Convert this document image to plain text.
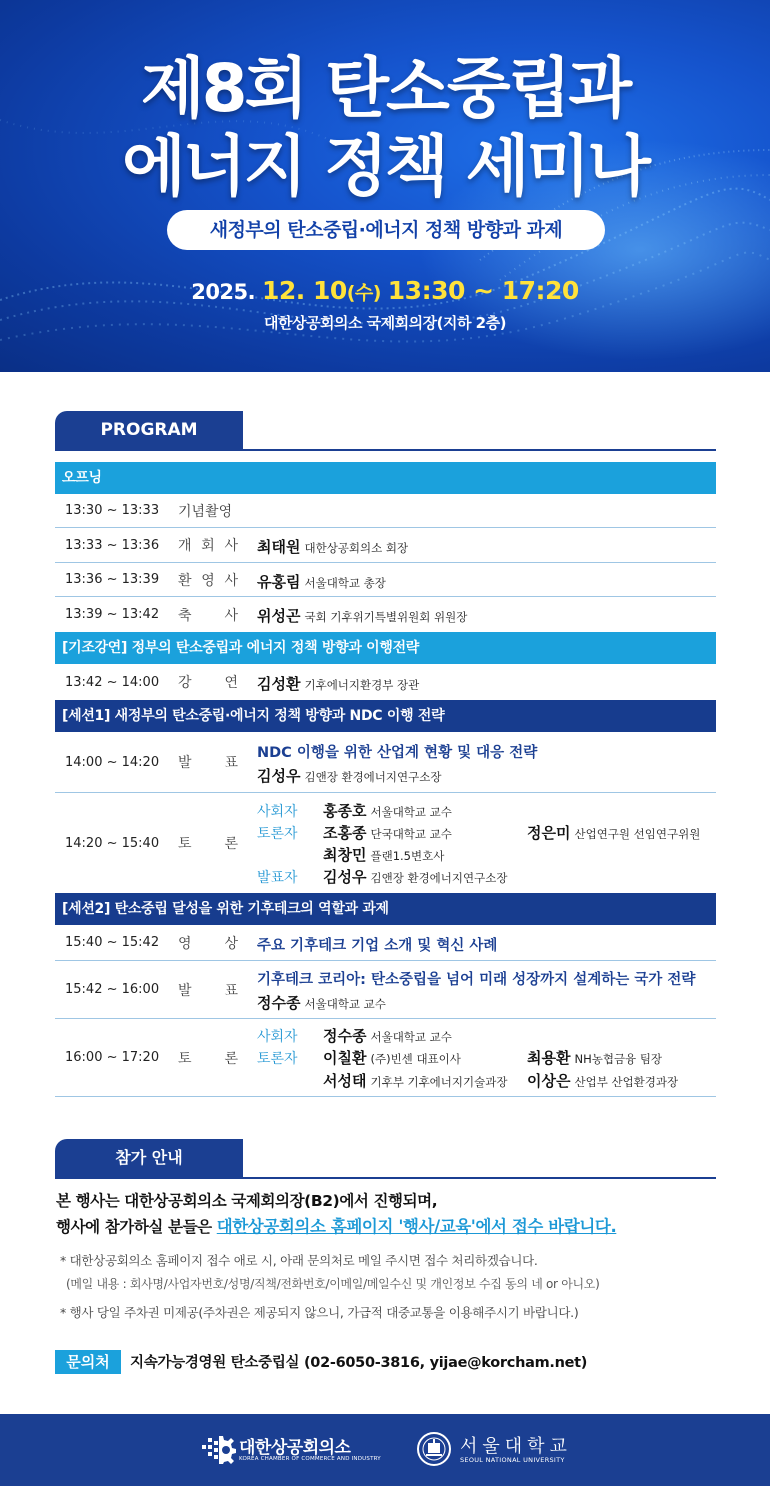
제8회 탄소중립과
에너지 정책 세미나
새정부의 탄소중립·에너지 정책 방향과 과제
2025. 12. 10(수) 13:30 ~ 17:20
대한상공회의소 국제회의장(지하 2층)
PROGRAM
오프닝
13:30 ~ 13:33 기념촬영
13:33 ~ 13:36 개 회 사 최태원 대한상공회의소 회장
13:36 ~ 13:39 환 영 사 유홍림 서울대학교 총장
13:39 ~ 13:42 축 사 위성곤 국회 기후위기특별위원회 위원장
[기조강연] 정부의 탄소중립과 에너지 정책 방향과 이행전략
13:42 ~ 14:00 강 연 김성환 기후에너지환경부 장관
[세션1] 새정부의 탄소중립·에너지 정책 방향과 NDC 이행 전략
14:00 ~ 14:20 발 표
NDC 이행을 위한 산업계 현황 및 대응 전략
김성우 김앤장 환경에너지연구소장
14:20 ~ 15:40 토 론
사회자 홍종호 서울대학교 교수
토론자 조홍종 단국대학교 교수	정은미 산업연구원 선임연구위원
최창민 플랜1.5변호사
발표자 김성우 김앤장 환경에너지연구소장
[세션2] 탄소중립 달성을 위한 기후테크의 역할과 과제
15:40 ~ 15:42 영 상 주요 기후테크 기업 소개 및 혁신 사례
15:42 ~ 16:00 발 표
기후테크 코리아: 탄소중립을 넘어 미래 성장까지 설계하는 국가 전략
정수종 서울대학교 교수
16:00 ~ 17:20 토 론
사회자 정수종 서울대학교 교수
토론자 이칠환 (주)빈센 대표이사	최용환 NH농협금융 팀장
서성태 기후부 기후에너지기술과장 이상은 산업부 산업환경과장
참가 안내
본 행사는 대한상공회의소 국제회의장(B2)에서 진행되며,
행사에 참가하실 분들은 대한상공회의소 홈페이지 '행사/교육'에서 접수 바랍니다.
* 대한상공회의소 홈페이지 접수 애로 시, 아래 문의처로 메일 주시면 접수 처리하겠습니다.
(메일 내용 : 회사명/사업자번호/성명/직책/전화번호/이메일/메일수신 및 개인정보 수집 동의 네 or 아니오)
* 행사 당일 주차권 미제공(주차권은 제공되지 않으니, 가급적 대중교통을 이용해주시기 바랍니다.)
문의처	지속가능경영원 탄소중립실 (02-6050-3816, yijae@korcham.net)
대한상공회의소
KOREA CHAMBER OF COMMERCE AND INDUSTRY
서울대학교
SEOUL NATIONAL UNIVERSITY
